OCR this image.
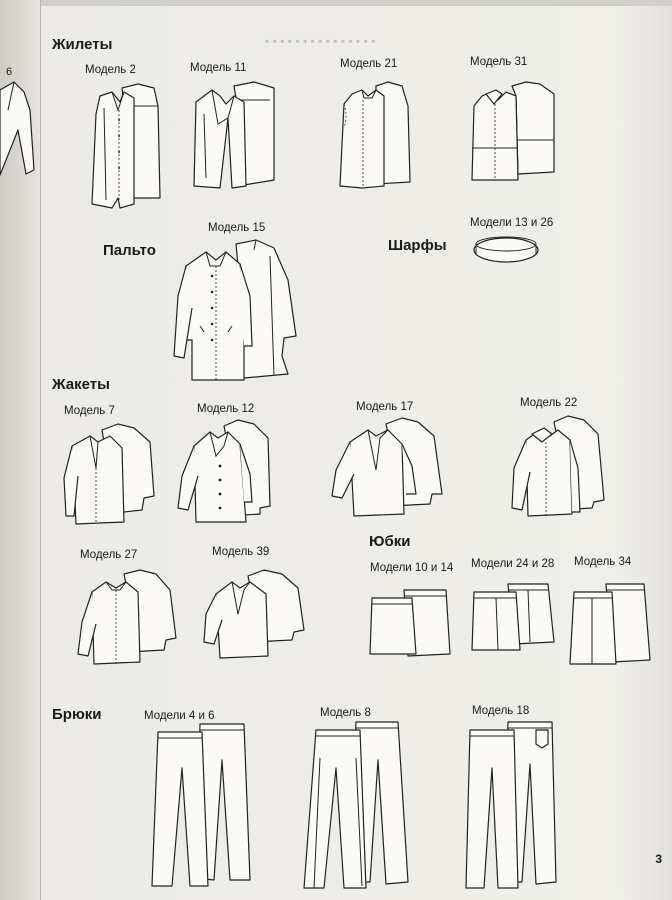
6
▪ ▪ ▪ ▪ ▪ ▪ ▪ ▪ ▪ ▪ ▪ ▪ ▪ ▪ ▪
Жилеты
Модель 2	Модель 11	Модель 21	Модель 31
Пальто
Модель 15
Шарфы
Модели 13 и 26
Жакеты
Модель 7	Модель 12	Модель 17	Модель 22
Модель 27	Модель 39
Юбки
Модели 10 и 14 Модели 24 и 28 Модель 34
Брюки	Модели 4 и 6	Модель 8	Модель 18
3
